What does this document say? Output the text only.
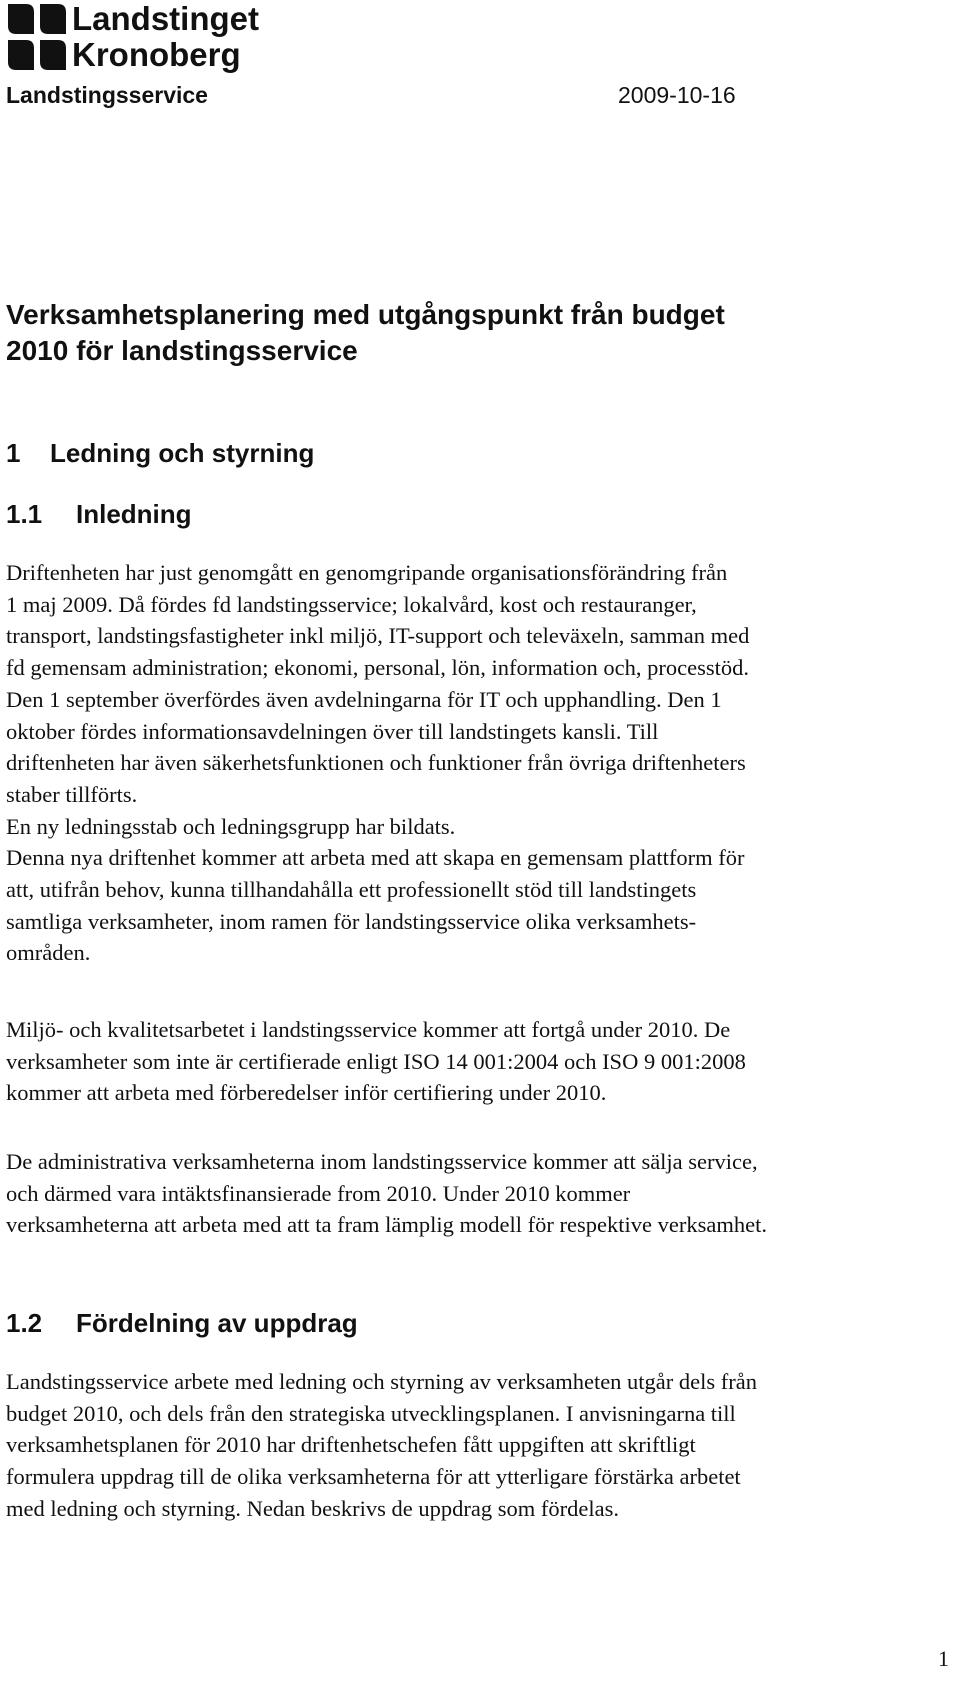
Landstinget
Kronoberg
Landstingsservice	2009-10-16
Verksamhetsplanering med utgångspunkt från budget
2010 för landstingsservice
1 Ledning och styrning
1.1 Inledning

Driftenheten har just genomgått en genomgripande organisationsförändring från
1 maj 2009. Då fördes fd landstingsservice; lokalvård, kost och restauranger,
transport, landstingsfastigheter inkl miljö, IT-support och televäxeln, samman med
fd gemensam administration; ekonomi, personal, lön, information och, processtöd.
Den 1 september överfördes även avdelningarna för IT och upphandling. Den 1
oktober fördes informationsavdelningen över till landstingets kansli. Till
driftenheten har även säkerhetsfunktionen och funktioner från övriga driftenheters
staber tillförts.
En ny ledningsstab och ledningsgrupp har bildats.
Denna nya driftenhet kommer att arbeta med att skapa en gemensam plattform för
att, utifrån behov, kunna tillhandahålla ett professionellt stöd till landstingets
samtliga verksamheter, inom ramen för landstingsservice olika verksamhets-
områden.

Miljö- och kvalitetsarbetet i landstingsservice kommer att fortgå under 2010. De
verksamheter som inte är certifierade enligt ISO 14 001:2004 och ISO 9 001:2008
kommer att arbeta med förberedelser inför certifiering under 2010.

De administrativa verksamheterna inom landstingsservice kommer att sälja service,
och därmed vara intäktsfinansierade from 2010. Under 2010 kommer
verksamheterna att arbeta med att ta fram lämplig modell för respektive verksamhet.

1.2 Fördelning av uppdrag

Landstingsservice arbete med ledning och styrning av verksamheten utgår dels från
budget 2010, och dels från den strategiska utvecklingsplanen. I anvisningarna till
verksamhetsplanen för 2010 har driftenhetschefen fått uppgiften att skriftligt
formulera uppdrag till de olika verksamheterna för att ytterligare förstärka arbetet
med ledning och styrning. Nedan beskrivs de uppdrag som fördelas.

1
